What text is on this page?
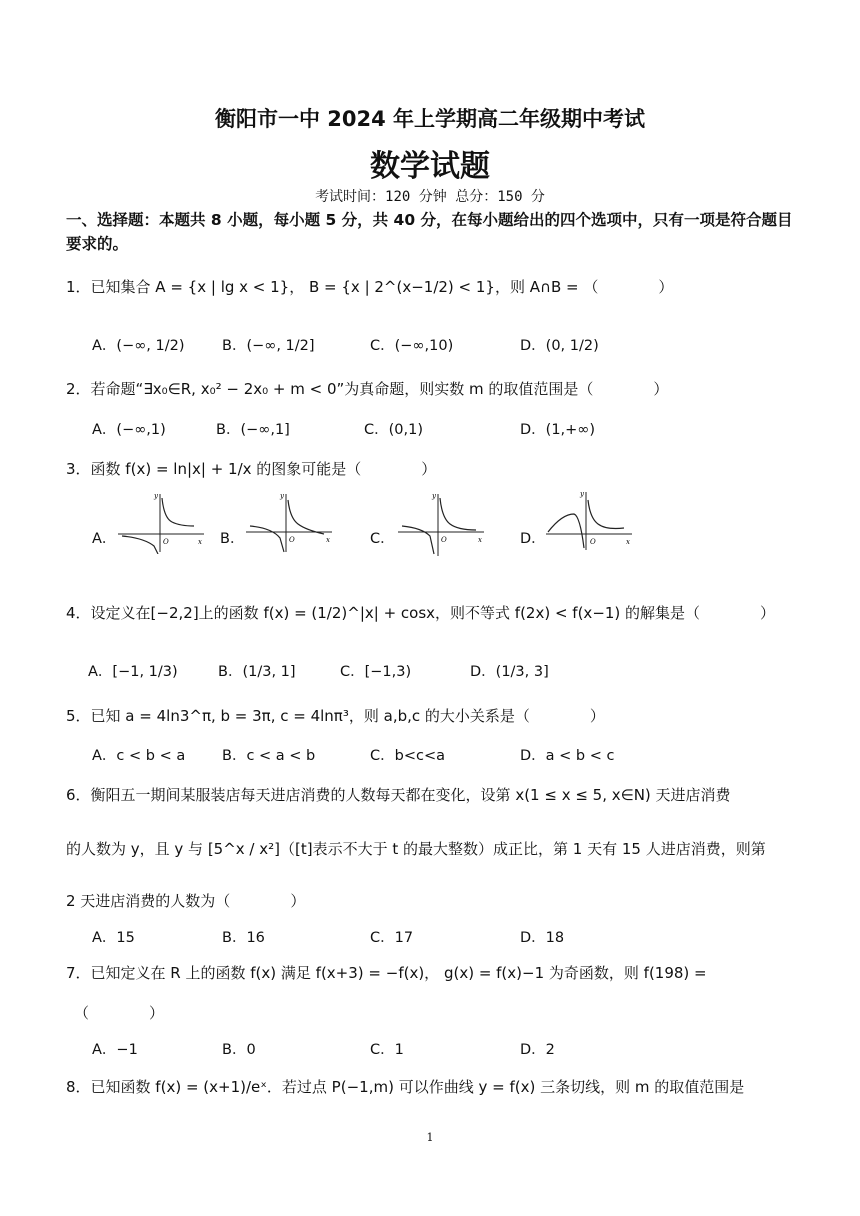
衡阳市一中 2024 年上学期高二年级期中考试
数学试题
考试时间：120 分钟 总分：150 分
一、选择题：本题共 8 小题，每小题 5 分，共 40 分，在每小题给出的四个选项中，只有一项是符合题目要求的。
1．已知集合 A = {x | lg x < 1}， B = {x | 2^(x−1/2) < 1}，则 A∩B = （　　　　）
A．(−∞, 1/2)	B．(−∞, 1/2]	C．(−∞,10)	D．(0, 1/2)
2．若命题“∃x₀∈R, x₀² − 2x₀ + m < 0”为真命题，则实数 m 的取值范围是（　　　　）
A．(−∞,1)	B．(−∞,1]	C．(0,1)	D．(1,+∞)
3．函数 f(x) = ln|x| + 1/x 的图象可能是（　　　　）
A．	B．	C．	D．
y
x
O
y
x
O
y
x
O
y
x
O
4．设定义在[−2,2]上的函数 f(x) = (1/2)^|x| + cosx，则不等式 f(2x) < f(x−1) 的解集是（　　　　）
A．[−1, 1/3)	B．(1/3, 1]	C．[−1,3)	D．(1/3, 3]
5．已知 a = 4ln3^π, b = 3π, c = 4lnπ³，则 a,b,c 的大小关系是（　　　　）
A．c < b < a	B．c < a < b	C．b<c<a	D．a < b < c
6．衡阳五一期间某服装店每天进店消费的人数每天都在变化，设第 x(1 ≤ x ≤ 5, x∈N) 天进店消费
的人数为 y，且 y 与 [5^x / x²]（[t]表示不大于 t 的最大整数）成正比，第 1 天有 15 人进店消费，则第
2 天进店消费的人数为（　　　　）
A．15	B．16	C．17	D．18
7．已知定义在 R 上的函数 f(x) 满足 f(x+3) = −f(x)， g(x) = f(x)−1 为奇函数，则 f(198) =
（　　　　）
A．−1	B．0	C．1	D．2
8．已知函数 f(x) = (x+1)/eˣ．若过点 P(−1,m) 可以作曲线 y = f(x) 三条切线，则 m 的取值范围是
1
